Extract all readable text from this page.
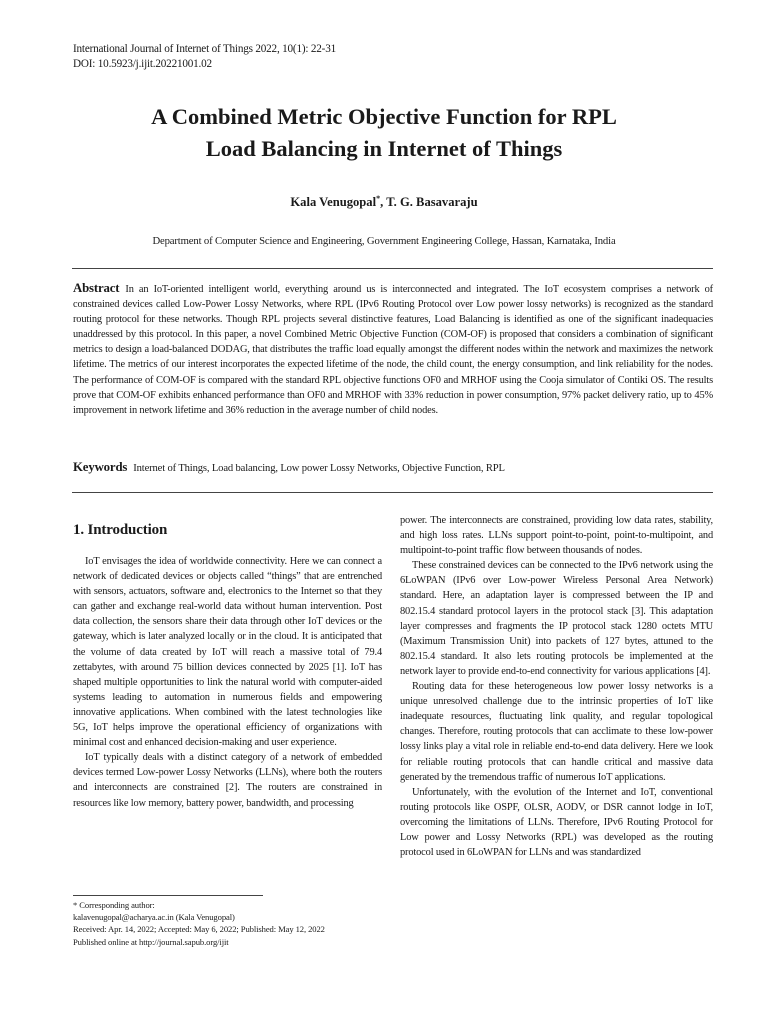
International Journal of Internet of Things 2022, 10(1): 22-31
DOI: 10.5923/j.ijit.20221001.02
A Combined Metric Objective Function for RPL
Load Balancing in Internet of Things
Kala Venugopal*, T. G. Basavaraju
Department of Computer Science and Engineering, Government Engineering College, Hassan, Karnataka, India
Abstract In an IoT-oriented intelligent world, everything around us is interconnected and integrated. The IoT ecosystem comprises a network of constrained devices called Low-Power Lossy Networks, where RPL (IPv6 Routing Protocol over Low power lossy networks) is recognized as the standard routing protocol for these networks. Though RPL projects several distinctive features, Load Balancing is identified as one of the significant inadequacies unaddressed by this protocol. In this paper, a novel Combined Metric Objective Function (COM-OF) is proposed that considers a combination of significant metrics to design a load-balanced DODAG, that distributes the traffic load equally amongst the different nodes within the network and maximizes the network lifetime. The metrics of our interest incorporates the expected lifetime of the node, the child count, the energy consumption, and link reliability for the nodes. The performance of COM-OF is compared with the standard RPL objective functions OF0 and MRHOF using the Cooja simulator of Contiki OS. The results prove that COM-OF exhibits enhanced performance than OF0 and MRHOF with 33% reduction in power consumption, 97% packet delivery ratio, up to 45% improvement in network lifetime and 36% reduction in the average number of child nodes.
Keywords Internet of Things, Load balancing, Low power Lossy Networks, Objective Function, RPL
1. Introduction

IoT envisages the idea of worldwide connectivity. Here we can connect a network of dedicated devices or objects called “things” that are entrenched with sensors, actuators, software and, electronics to the Internet so that they can gather and exchange real-world data without human intervention. Post data collection, the sensors share their data through other IoT devices or the gateway, which is later analyzed locally or in the cloud. It is anticipated that the volume of data created by IoT will reach a massive total of 79.4 zettabytes, with around 75 billion devices connected by 2025 [1]. IoT has shaped multiple opportunities to link the natural world with computer-aided systems leading to automation in numerous fields and empowering innovative applications. When combined with the latest technologies like 5G, IoT helps improve the operational efficiency of organizations with minimal cost and enhanced decision-making and user experience.

IoT typically deals with a distinct category of a network of embedded devices termed Low-power Lossy Networks (LLNs), where both the routers and interconnects are constrained [2]. The routers are constrained in resources like low memory, battery power, bandwidth, and processing

power. The interconnects are constrained, providing low data rates, stability, and high loss rates. LLNs support point-to-point, point-to-multipoint, and multipoint-to-point traffic flow between thousands of nodes.

These constrained devices can be connected to the IPv6 network using the 6LoWPAN (IPv6 over Low-power Wireless Personal Area Network) standard. Here, an adaptation layer is compressed between the IP and 802.15.4 standard protocol layers in the protocol stack [3]. This adaptation layer compresses and fragments the IP protocol stack 1280 octets MTU (Maximum Transmission Unit) into packets of 127 bytes, attuned to the 802.15.4 standard. It also lets routing protocols be implemented at the network layer to provide end-to-end connectivity for various applications [4].

Routing data for these heterogeneous low power lossy networks is a unique unresolved challenge due to the intrinsic properties of IoT like inadequate resources, fluctuating link quality, and regular topological changes. Therefore, routing protocols that can acclimate to these low-power lossy links play a vital role in reliable end-to-end data delivery. Here we look for reliable routing protocols that can handle critical and massive data generated by the tremendous traffic of numerous IoT applications.

Unfortunately, with the evolution of the Internet and IoT, conventional routing protocols like OSPF, OLSR, AODV, or DSR cannot lodge in IoT, overcoming the limitations of LLNs. Therefore, IPv6 Routing Protocol for Low power and Lossy Networks (RPL) was developed as the routing protocol used in 6LoWPAN for LLNs and was standardized

* Corresponding author:
kalavenugopal@acharya.ac.in (Kala Venugopal)
Received: Apr. 14, 2022; Accepted: May 6, 2022; Published: May 12, 2022
Published online at http://journal.sapub.org/ijit
